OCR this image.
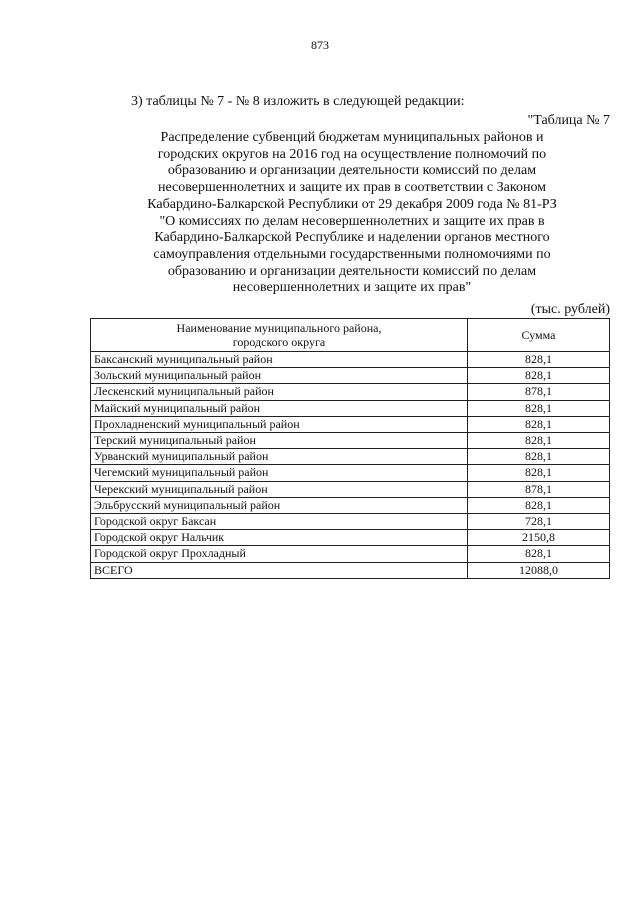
873
3) таблицы № 7 - № 8 изложить в следующей редакции:
"Таблица № 7
Распределение субвенций бюджетам муниципальных районов и
городских округов на 2016 год на осуществление полномочий по
образованию и организации деятельности комиссий по делам
несовершеннолетних и защите их прав в соответствии с Законом
Кабардино-Балкарской Республики от 29 декабря 2009 года № 81-РЗ
"О комиссиях по делам несовершеннолетних и защите их прав в
Кабардино-Балкарской Республике и наделении органов местного
самоуправления отдельными государственными полномочиями по
образованию и организации деятельности комиссий по делам
несовершеннолетних и защите их прав"
(тыс. рублей)
Наименование муниципального района,
городского округа	Сумма
Баксанский муниципальный район	828,1
Зольский муниципальный район	828,1
Лескенский муниципальный район	878,1
Майский муниципальный район	828,1
Прохладненский муниципальный район	828,1
Терский муниципальный район	828,1
Урванский муниципальный район	828,1
Чегемский муниципальный район	828,1
Черекский муниципальный район	878,1
Эльбрусский муниципальный район	828,1
Городской округ Баксан	728,1
Городской округ Нальчик	2150,8
Городской округ Прохладный	828,1
ВСЕГО	12088,0
